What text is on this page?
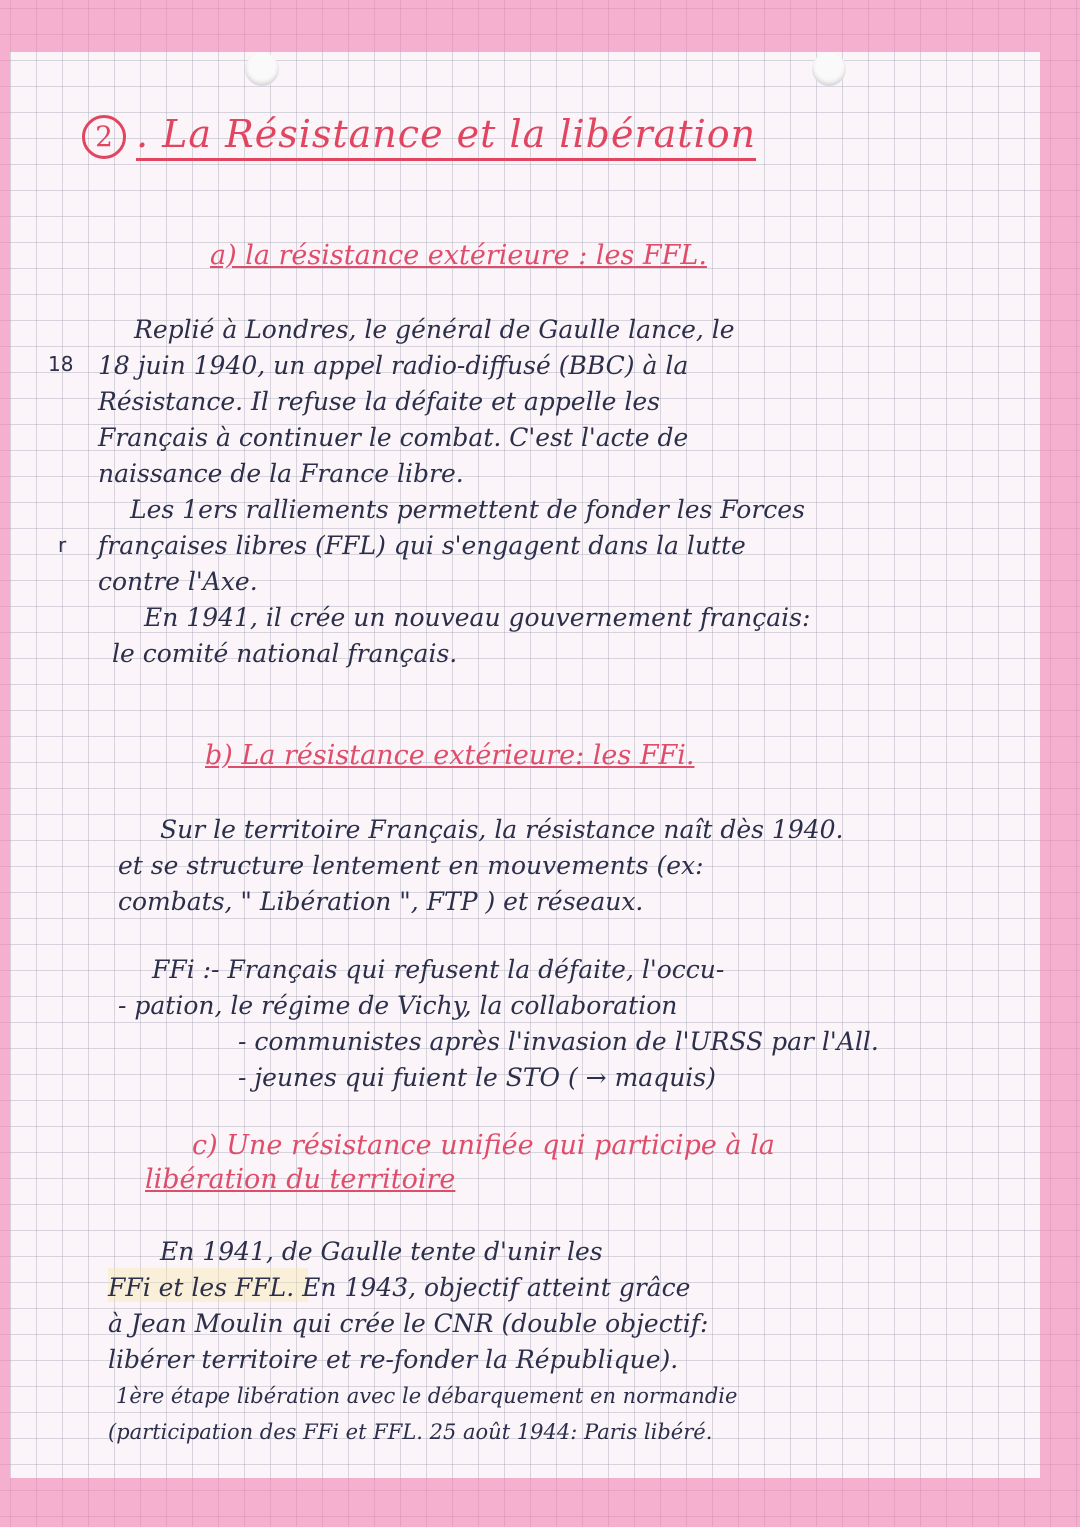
2 . La Résistance et la libération
a) la résistance extérieure : les FFL.
18
r
Replié à Londres, le général de Gaulle lance, le
18 juin 1940, un appel radio-diffusé (BBC) à la
Résistance. Il refuse la défaite et appelle les
Français à continuer le combat. C'est l'acte de
naissance de la France libre.
Les 1ers ralliements permettent de fonder les Forces
françaises libres (FFL) qui s'engagent dans la lutte
contre l'Axe.
En 1941, il crée un nouveau gouvernement français:
le comité national français.
b) La résistance extérieure: les FFi.
Sur le territoire Français, la résistance naît dès 1940.
et se structure lentement en mouvements (ex:
combats, " Libération ", FTP ) et réseaux.
FFi :- Français qui refusent la défaite, l'occu-
- pation, le régime de Vichy, la collaboration
- communistes après l'invasion de l'URSS par l'All.
- jeunes qui fuient le STO ( → maquis)
c) Une résistance unifiée qui participe à la
libération du territoire
En 1941, de Gaulle tente d'unir les
FFi et les FFL. En 1943, objectif atteint grâce
à Jean Moulin qui crée le CNR (double objectif:
libérer territoire et re-fonder la République).
1ère étape libération avec le débarquement en normandie
(participation des FFi et FFL. 25 août 1944: Paris libéré.
